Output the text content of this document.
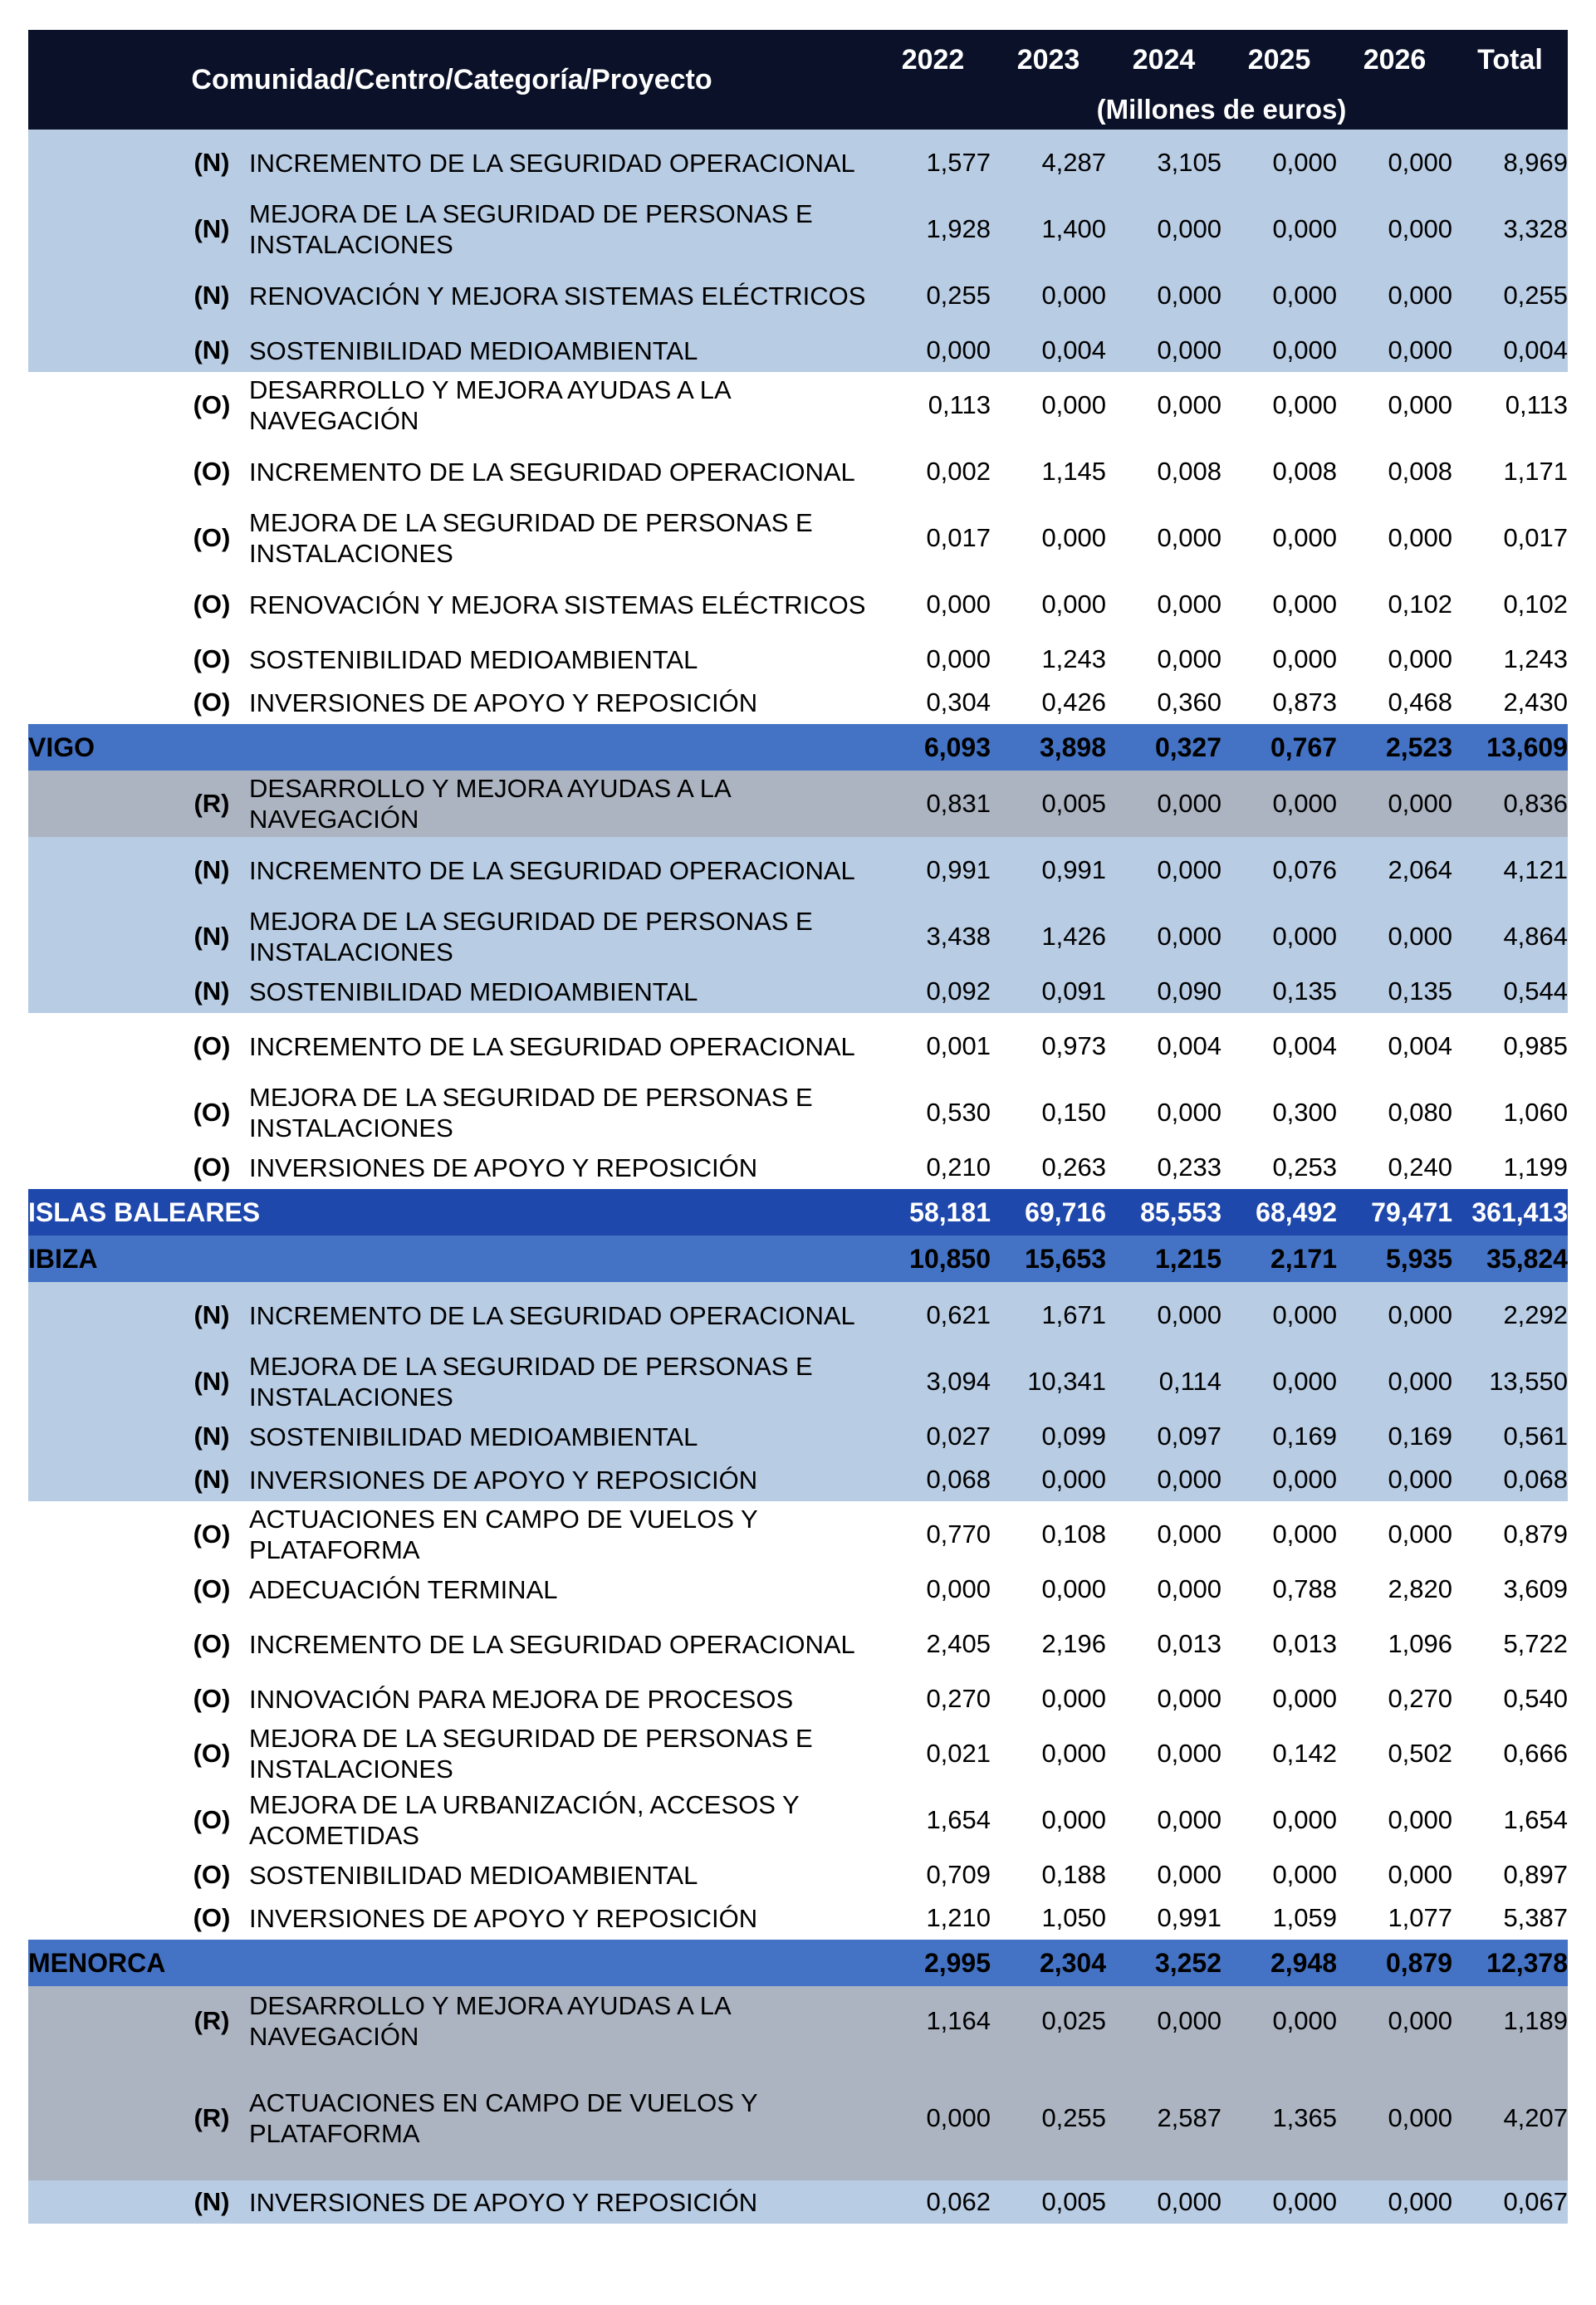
Comunidad/Centro/Categoría/Proyecto			2022	2023	2024	2025	2026	Total
			(Millones de euros)					
	(N)	INCREMENTO DE LA SEGURIDAD OPERACIONAL	1,577	4,287	3,105	0,000	0,000	8,969
	(N)	MEJORA DE LA SEGURIDAD DE PERSONAS E INSTALACIONES	1,928	1,400	0,000	0,000	0,000	3,328
	(N)	RENOVACIÓN Y MEJORA SISTEMAS ELÉCTRICOS	0,255	0,000	0,000	0,000	0,000	0,255
	(N)	SOSTENIBILIDAD MEDIOAMBIENTAL	0,000	0,004	0,000	0,000	0,000	0,004
	(O)	DESARROLLO Y MEJORA AYUDAS A LA NAVEGACIÓN	0,113	0,000	0,000	0,000	0,000	0,113
	(O)	INCREMENTO DE LA SEGURIDAD OPERACIONAL	0,002	1,145	0,008	0,008	0,008	1,171
	(O)	MEJORA DE LA SEGURIDAD DE PERSONAS E INSTALACIONES	0,017	0,000	0,000	0,000	0,000	0,017
	(O)	RENOVACIÓN Y MEJORA SISTEMAS ELÉCTRICOS	0,000	0,000	0,000	0,000	0,102	0,102
	(O)	SOSTENIBILIDAD MEDIOAMBIENTAL	0,000	1,243	0,000	0,000	0,000	1,243
	(O)	INVERSIONES DE APOYO Y REPOSICIÓN	0,304	0,426	0,360	0,873	0,468	2,430
VIGO			6,093	3,898	0,327	0,767	2,523	13,609
	(R)	DESARROLLO Y MEJORA AYUDAS A LA NAVEGACIÓN	0,831	0,005	0,000	0,000	0,000	0,836
	(N)	INCREMENTO DE LA SEGURIDAD OPERACIONAL	0,991	0,991	0,000	0,076	2,064	4,121
	(N)	MEJORA DE LA SEGURIDAD DE PERSONAS E INSTALACIONES	3,438	1,426	0,000	0,000	0,000	4,864
	(N)	SOSTENIBILIDAD MEDIOAMBIENTAL	0,092	0,091	0,090	0,135	0,135	0,544
	(O)	INCREMENTO DE LA SEGURIDAD OPERACIONAL	0,001	0,973	0,004	0,004	0,004	0,985
	(O)	MEJORA DE LA SEGURIDAD DE PERSONAS E INSTALACIONES	0,530	0,150	0,000	0,300	0,080	1,060
	(O)	INVERSIONES DE APOYO Y REPOSICIÓN	0,210	0,263	0,233	0,253	0,240	1,199
ISLAS BALEARES			58,181	69,716	85,553	68,492	79,471	361,413
IBIZA			10,850	15,653	1,215	2,171	5,935	35,824
	(N)	INCREMENTO DE LA SEGURIDAD OPERACIONAL	0,621	1,671	0,000	0,000	0,000	2,292
	(N)	MEJORA DE LA SEGURIDAD DE PERSONAS E INSTALACIONES	3,094	10,341	0,114	0,000	0,000	13,550
	(N)	SOSTENIBILIDAD MEDIOAMBIENTAL	0,027	0,099	0,097	0,169	0,169	0,561
	(N)	INVERSIONES DE APOYO Y REPOSICIÓN	0,068	0,000	0,000	0,000	0,000	0,068
	(O)	ACTUACIONES EN CAMPO DE VUELOS Y PLATAFORMA	0,770	0,108	0,000	0,000	0,000	0,879
	(O)	ADECUACIÓN TERMINAL	0,000	0,000	0,000	0,788	2,820	3,609
	(O)	INCREMENTO DE LA SEGURIDAD OPERACIONAL	2,405	2,196	0,013	0,013	1,096	5,722
	(O)	INNOVACIÓN PARA MEJORA DE PROCESOS	0,270	0,000	0,000	0,000	0,270	0,540
	(O)	MEJORA DE LA SEGURIDAD DE PERSONAS E INSTALACIONES	0,021	0,000	0,000	0,142	0,502	0,666
	(O)	MEJORA DE LA URBANIZACIÓN, ACCESOS Y ACOMETIDAS	1,654	0,000	0,000	0,000	0,000	1,654
	(O)	SOSTENIBILIDAD MEDIOAMBIENTAL	0,709	0,188	0,000	0,000	0,000	0,897
	(O)	INVERSIONES DE APOYO Y REPOSICIÓN	1,210	1,050	0,991	1,059	1,077	5,387
MENORCA			2,995	2,304	3,252	2,948	0,879	12,378
	(R)	DESARROLLO Y MEJORA AYUDAS A LA NAVEGACIÓN	1,164	0,025	0,000	0,000	0,000	1,189
	(R)	ACTUACIONES EN CAMPO DE VUELOS Y PLATAFORMA	0,000	0,255	2,587	1,365	0,000	4,207
	(N)	INVERSIONES DE APOYO Y REPOSICIÓN	0,062	0,005	0,000	0,000	0,000	0,067
